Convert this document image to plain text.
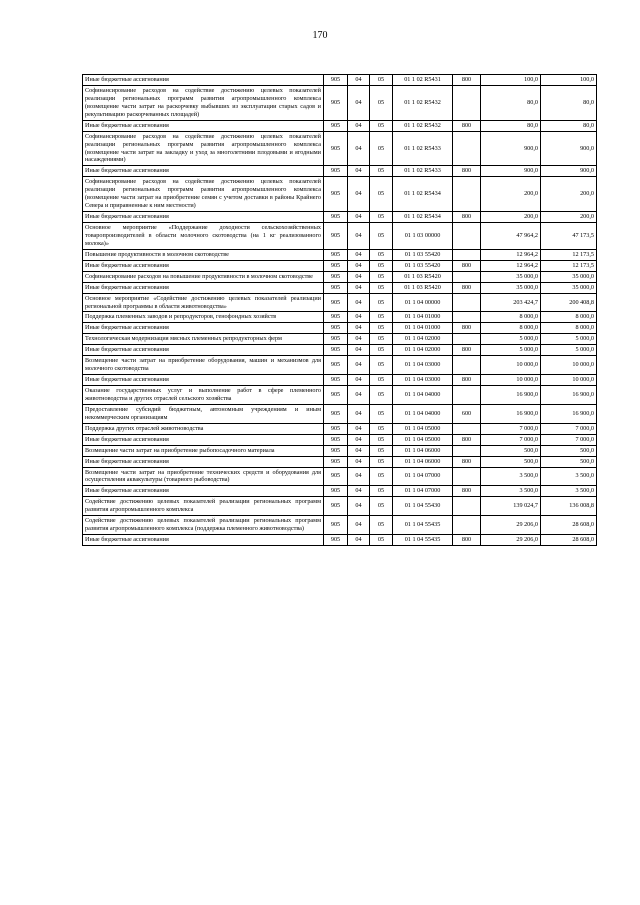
170
Иные бюджетные ассигнования	905	04	05	01 1 02 R5431	800	100,0	100,0
Софинансирование расходов на содействие достижению целевых показателей реализации региональных программ развития агропромышленного комплекса (возмещение части затрат на раскорчевку выбывших из эксплуатации старых садов и рекультивацию раскорчеванных площадей)	905	04	05	01 1 02 R5432		80,0	80,0
Иные бюджетные ассигнования	905	04	05	01 1 02 R5432	800	80,0	80,0
Софинансирование расходов на содействие достижению целевых показателей реализации региональных программ развития агропромышленного комплекса (возмещение части затрат на закладку и уход за многолетними плодовыми и ягодными насаждениями)	905	04	05	01 1 02 R5433		900,0	900,0
Иные бюджетные ассигнования	905	04	05	01 1 02 R5433	800	900,0	900,0
Софинансирование расходов на содействие достижению целевых показателей реализации региональных программ развития агропромышленного комплекса (возмещение части затрат на приобретение семян с учетом доставки в районы Крайнего Севера и приравненные к ним местности)	905	04	05	01 1 02 R5434		200,0	200,0
Иные бюджетные ассигнования	905	04	05	01 1 02 R5434	800	200,0	200,0
Основное мероприятие «Поддержание доходности сельскохозяйственных товаропроизводителей в области молочного скотоводства (на 1 кг реализованного молока)»	905	04	05	01 1 03 00000		47 964,2	47 173,5
Повышение продуктивности в молочном скотоводстве	905	04	05	01 1 03 55420		12 964,2	12 173,5
Иные бюджетные ассигнования	905	04	05	01 1 03 55420	800	12 964,2	12 173,5
Софинансирование расходов на повышение продуктивности в молочном скотоводстве	905	04	05	01 1 03 R5420		35 000,0	35 000,0
Иные бюджетные ассигнования	905	04	05	01 1 03 R5420	800	35 000,0	35 000,0
Основное мероприятие «Содействие достижению целевых показателей реализации региональной программы в области животноводства»	905	04	05	01 1 04 00000		203 424,7	200 408,8
Поддержка племенных заводов и репродукторов, генофондных хозяйств	905	04	05	01 1 04 01000		8 000,0	8 000,0
Иные бюджетные ассигнования	905	04	05	01 1 04 01000	800	8 000,0	8 000,0
Технологическая модернизация мясных племенных репродукторных ферм	905	04	05	01 1 04 02000		5 000,0	5 000,0
Иные бюджетные ассигнования	905	04	05	01 1 04 02000	800	5 000,0	5 000,0
Возмещение части затрат на приобретение оборудования, машин и механизмов для молочного скотоводства	905	04	05	01 1 04 03000		10 000,0	10 000,0
Иные бюджетные ассигнования	905	04	05	01 1 04 03000	800	10 000,0	10 000,0
Оказание государственных услуг и выполнение работ в сфере племенного животноводства и других отраслей сельского хозяйства	905	04	05	01 1 04 04000		16 900,0	16 900,0
Предоставление субсидий бюджетным, автономным учреждениям и иным некоммерческим организациям	905	04	05	01 1 04 04000	600	16 900,0	16 900,0
Поддержка других отраслей животноводства	905	04	05	01 1 04 05000		7 000,0	7 000,0
Иные бюджетные ассигнования	905	04	05	01 1 04 05000	800	7 000,0	7 000,0
Возмещение части затрат на приобретение рыбопосадочного материала	905	04	05	01 1 04 06000		500,0	500,0
Иные бюджетные ассигнования	905	04	05	01 1 04 06000	800	500,0	500,0
Возмещение части затрат на приобретение технических средств и оборудования для осуществления аквакультуры (товарного рыбоводства)	905	04	05	01 1 04 07000		3 500,0	3 500,0
Иные бюджетные ассигнования	905	04	05	01 1 04 07000	800	3 500,0	3 500,0
Содействие достижению целевых показателей реализации региональных программ развития агропромышленного комплекса	905	04	05	01 1 04 55430		139 024,7	136 008,8
Содействие достижению целевых показателей реализации региональных программ развития агропромышленного комплекса (поддержка племенного животноводства)	905	04	05	01 1 04 55435		29 206,0	28 608,0
Иные бюджетные ассигнования	905	04	05	01 1 04 55435	800	29 206,0	28 608,0
